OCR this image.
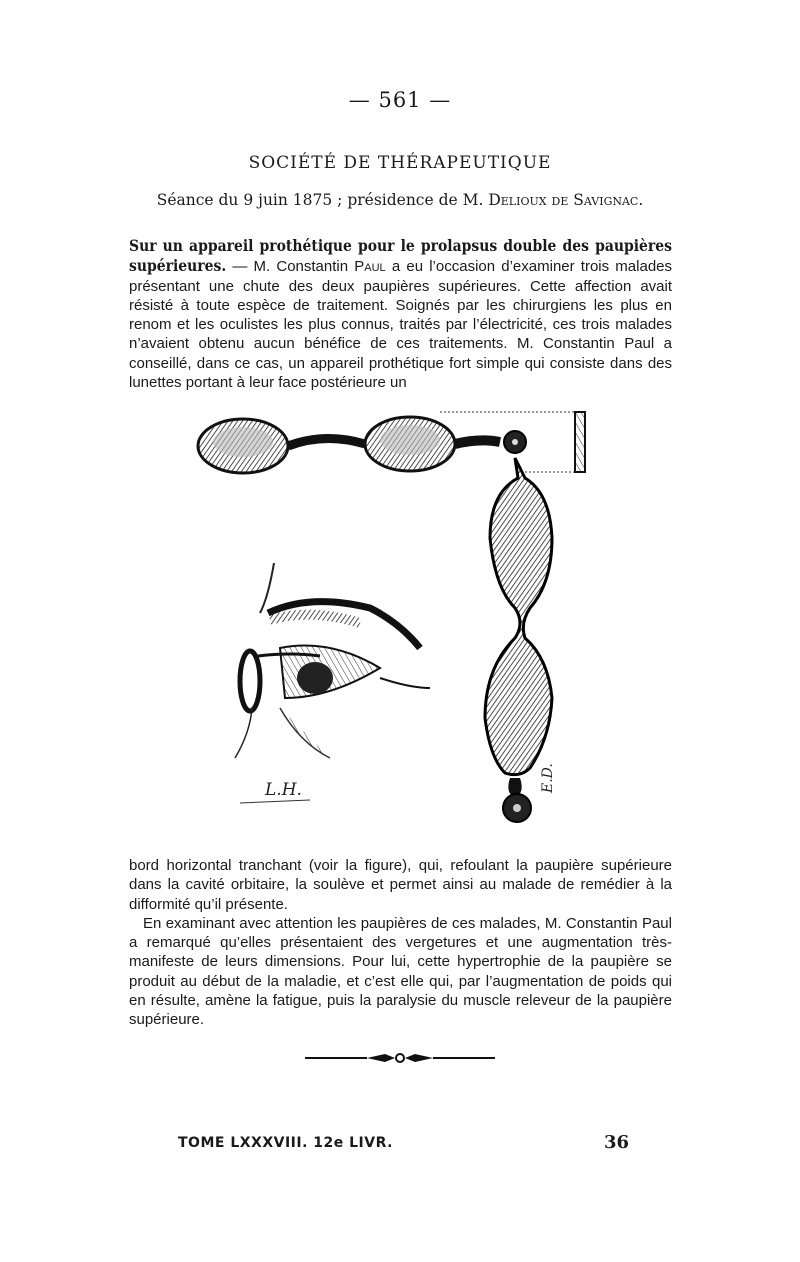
— 561 —
SOCIÉTÉ DE THÉRAPEUTIQUE
Séance du 9 juin 1875 ; présidence de M. Delioux de Savignac.

Sur un appareil prothétique pour le prolapsus double des paupières supérieures. — M. Constantin Paul a eu l’occasion d’examiner trois malades présentant une chute des deux paupières supérieures. Cette affection avait résisté à toute espèce de traitement. Soignés par les chirurgiens les plus en renom et les oculistes les plus connus, traités par l’électricité, ces trois malades n’avaient obtenu aucun bénéfice de ces traitements. M. Constantin Paul a conseillé, dans ce cas, un appareil prothétique fort simple qui consiste dans des lunettes portant à leur face postérieure un

L.H.	E.D.

bord horizontal tranchant (voir la figure), qui, refoulant la paupière supérieure dans la cavité orbitaire, la soulève et permet ainsi au malade de remédier à la difformité qu’il présente.

En examinant avec attention les paupières de ces malades, M. Constantin Paul a remarqué qu’elles présentaient des vergetures et une augmentation très-manifeste de leurs dimensions. Pour lui, cette hypertrophie de la paupière se produit au début de la maladie, et c’est elle qui, par l’augmentation de poids qui en résulte, amène la fatigue, puis la paralysie du muscle releveur de la paupière supérieure.

TOME LXXXVIII. 12e LIVR.	36
